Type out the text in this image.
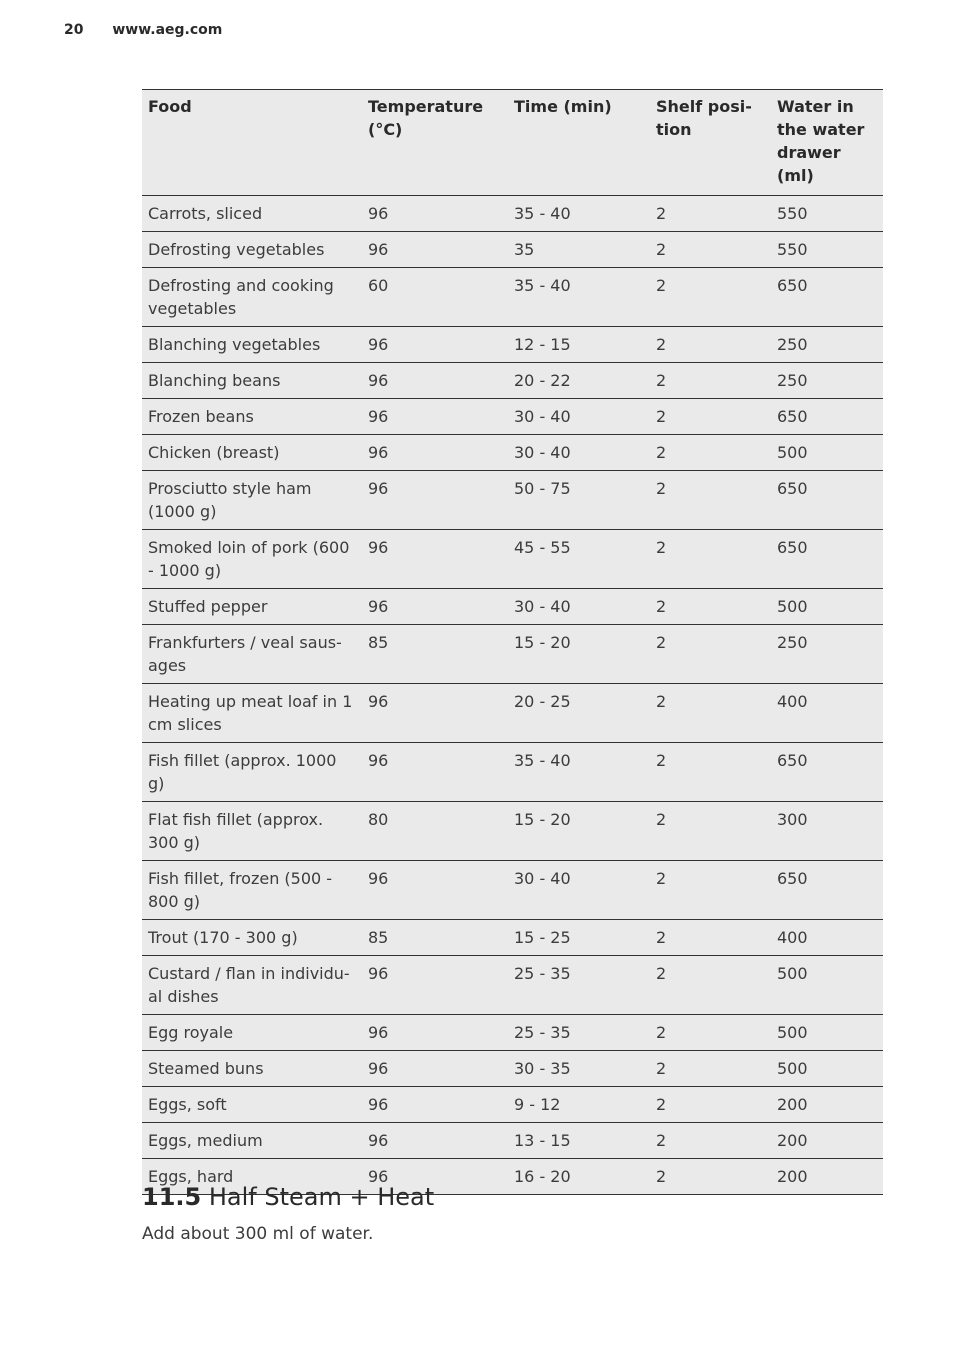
20 www.aeg.com
Food	Temperature (°C)	Time (min)	Shelf posi-tion	Water in the water drawer (ml)
Carrots, sliced	96	35 - 40	2	550
Defrosting vegetables	96	35	2	550
Defrosting and cooking vegetables	60	35 - 40	2	650
Blanching vegetables	96	12 - 15	2	250
Blanching beans	96	20 - 22	2	250
Frozen beans	96	30 - 40	2	650
Chicken (breast)	96	30 - 40	2	500
Prosciutto style ham (1000 g)	96	50 - 75	2	650
Smoked loin of pork (600 - 1000 g)	96	45 - 55	2	650
Stuffed pepper	96	30 - 40	2	500
Frankfurters / veal saus-ages	85	15 - 20	2	250
Heating up meat loaf in 1 cm slices	96	20 - 25	2	400
Fish fillet (approx. 1000 g)	96	35 - 40	2	650
Flat fish fillet (approx. 300 g)	80	15 - 20	2	300
Fish fillet, frozen (500 - 800 g)	96	30 - 40	2	650
Trout (170 - 300 g)	85	15 - 25	2	400
Custard / flan in individu-al dishes	96	25 - 35	2	500
Egg royale	96	25 - 35	2	500
Steamed buns	96	30 - 35	2	500
Eggs, soft	96	9 - 12	2	200
Eggs, medium	96	13 - 15	2	200
Eggs, hard	96	16 - 20	2	200
11.5 Half Steam + Heat

Add about 300 ml of water.
